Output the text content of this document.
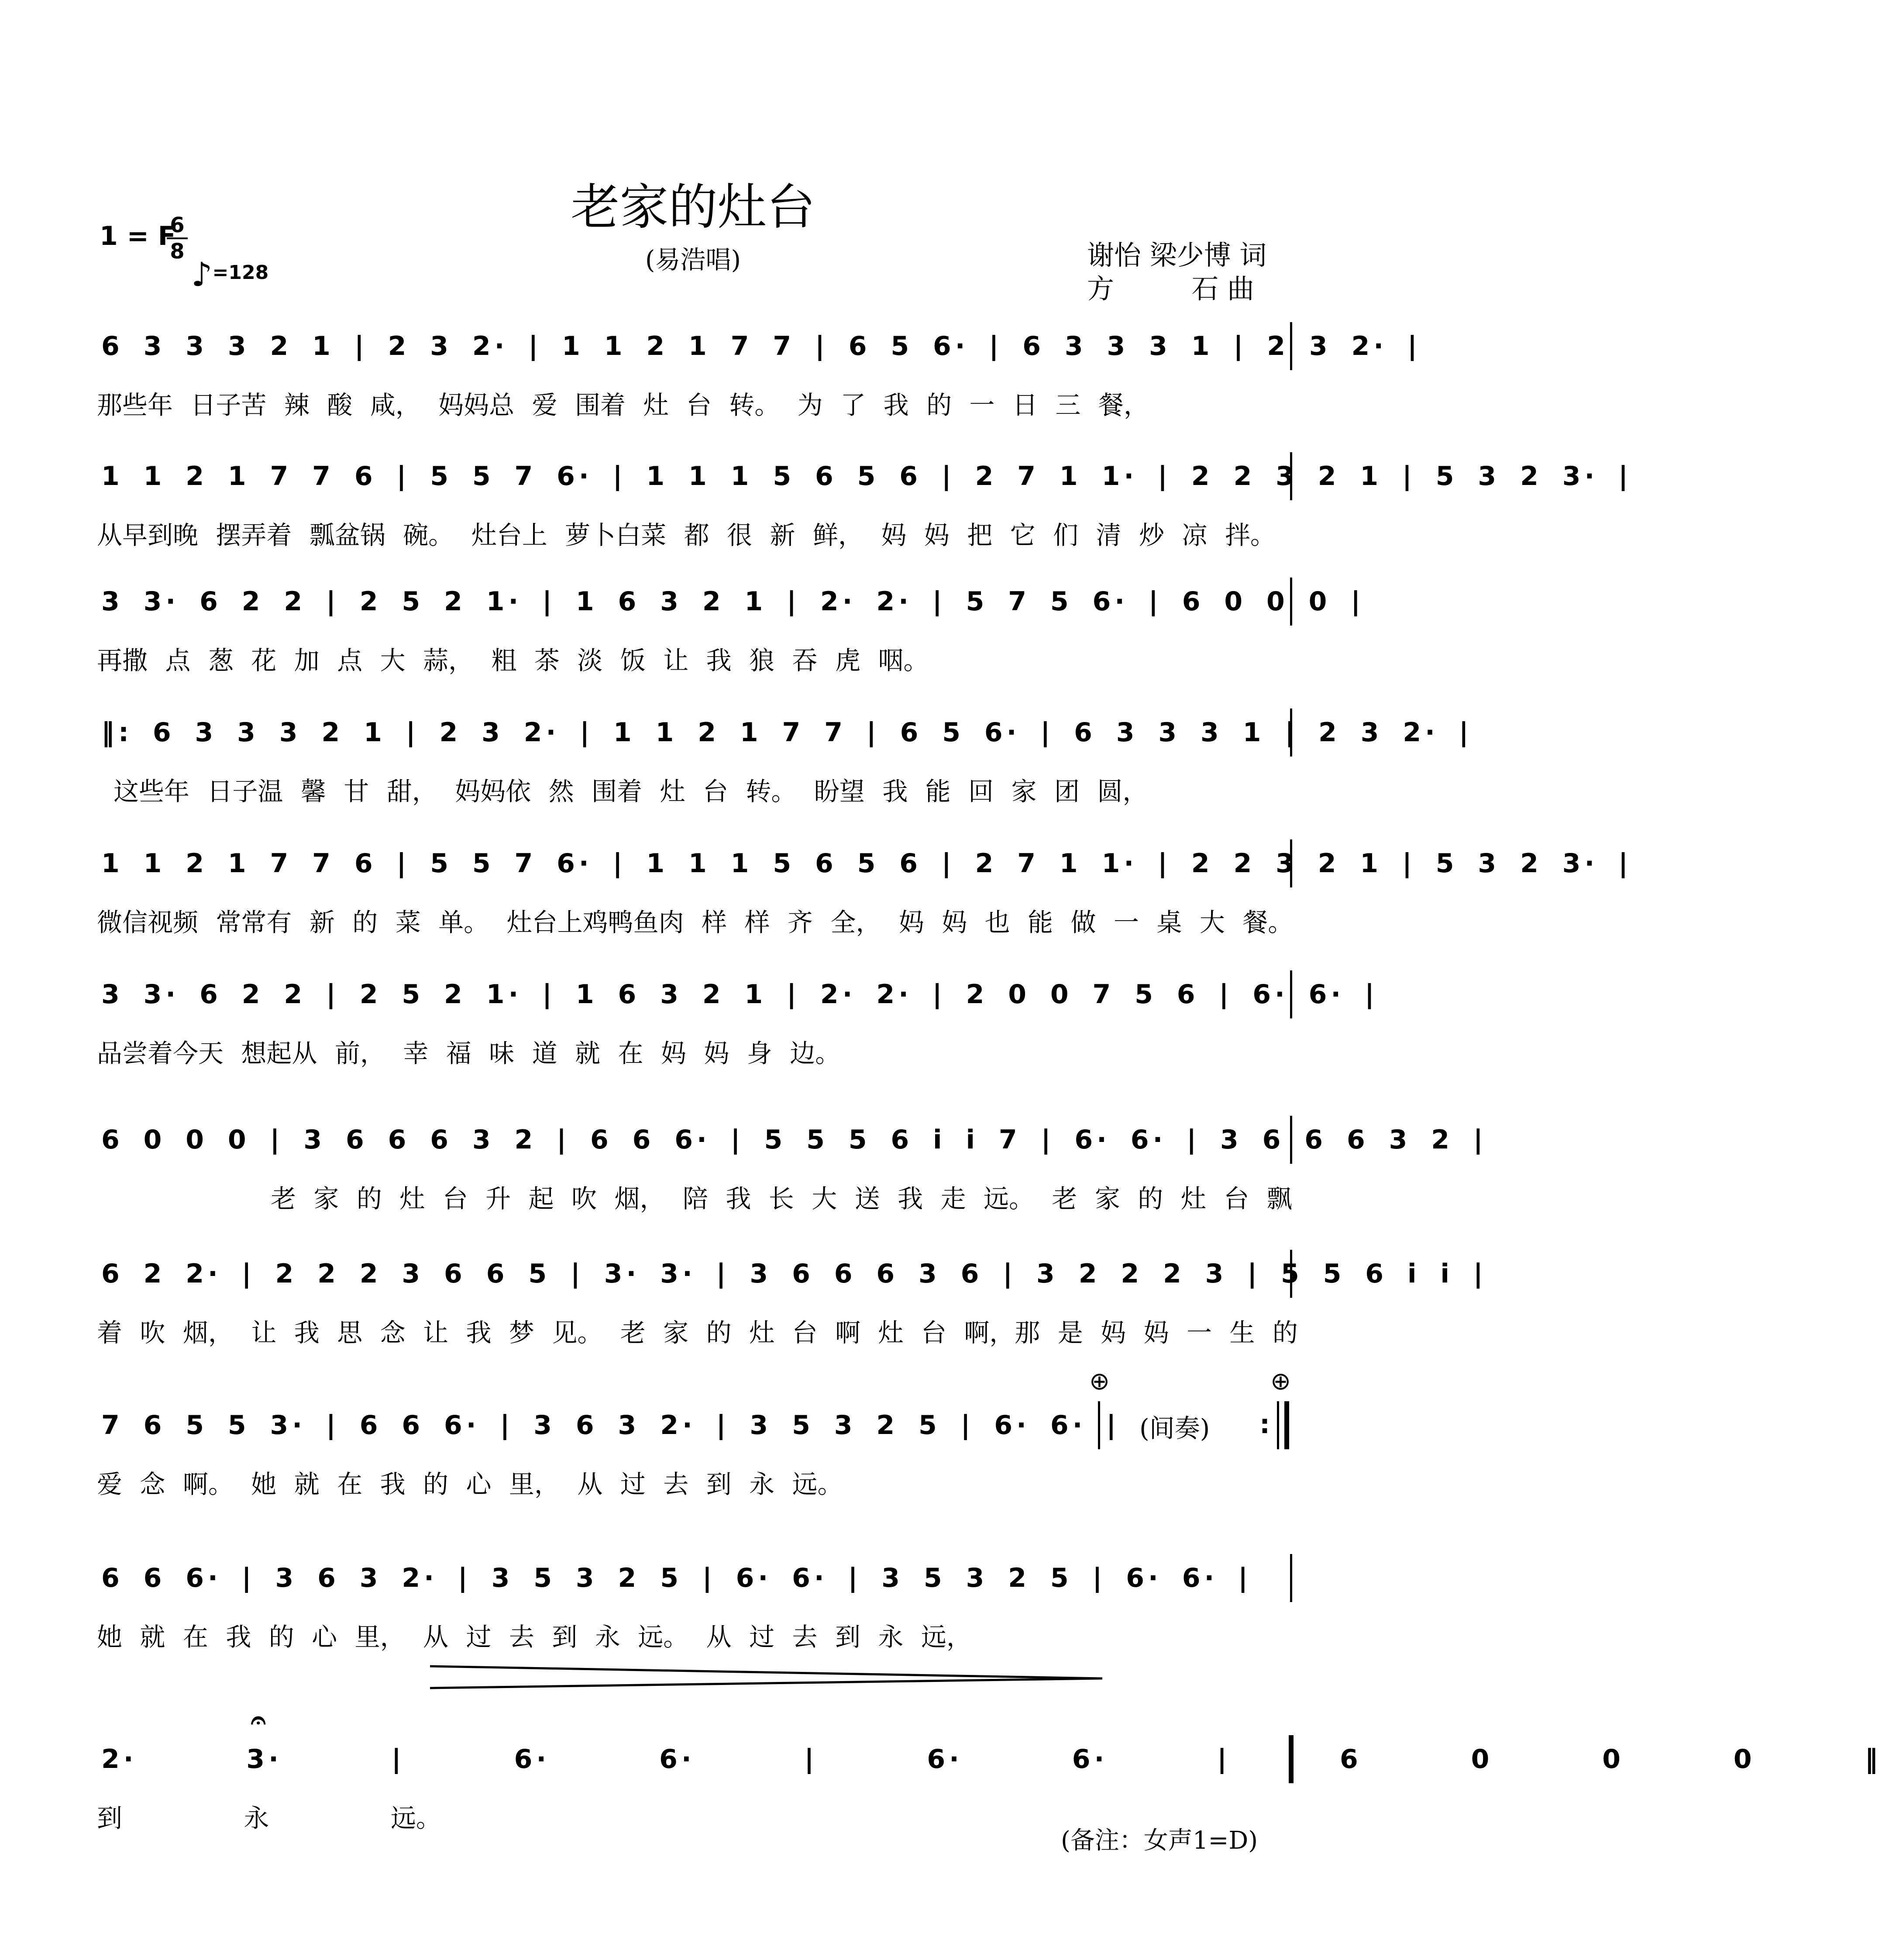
老家的灶台
(易浩唱)	谢怡 梁少博 词
方         石 曲
1 = F
6
8
♪=128
6 3 3 3 2 1 | 2 3 2· | 1 1 2 1 7 7 | 6 5 6· | 6 3 3 3 1 | 2 3 2· |
那些年 日子苦 辣 酸 咸， 妈妈总 爱 围着 灶 台 转。 为 了 我 的 一 日 三 餐，
1 1 2 1 7 7 6 | 5 5 7 6· | 1 1 1 5 6 5 6 | 2 7 1 1· | 2 2 3 2 1 | 5 3 2 3· |
从早到晚 摆弄着 瓢盆锅 碗。 灶台上 萝卜白菜 都 很 新 鲜， 妈 妈 把 它 们 清 炒 凉 拌。
3 3· 6 2 2 | 2 5 2 1· | 1 6 3 2 1 | 2· 2· | 5 7 5 6· | 6 0 0 0 |
再撒 点 葱 花 加 点 大 蒜， 粗 茶 淡 饭 让 我 狼 吞 虎 咽。
‖: 6 3 3 3 2 1 | 2 3 2· | 1 1 2 1 7 7 | 6 5 6· | 6 3 3 3 1 | 2 3 2· |
这些年 日子温 馨 甘 甜， 妈妈依 然 围着 灶 台 转。 盼望 我 能 回 家 团 圆，
1 1 2 1 7 7 6 | 5 5 7 6· | 1 1 1 5 6 5 6 | 2 7 1 1· | 2 2 3 2 1 | 5 3 2 3· |
微信视频 常常有 新 的 菜 单。 灶台上鸡鸭鱼肉 样 样 齐 全， 妈 妈 也 能 做 一 桌 大 餐。
3 3· 6 2 2 | 2 5 2 1· | 1 6 3 2 1 | 2· 2· | 2 0 0 7 5 6 | 6· 6· |
品尝着今天 想起从 前， 幸 福 味 道 就 在 妈 妈 身 边。
6 0 0 0 | 3 6 6 6 3 2 | 6 6 6· | 5 5 5 6 i i 7 | 6· 6· | 3 6 6 6 3 2 |
老 家 的 灶 台 升 起 吹 烟， 陪 我 长 大 送 我 走 远。 老 家 的 灶 台 飘
6 2 2· | 2 2 2 3 6 6 5 | 3· 3· | 3 6 6 6 3 6 | 3 2 2 2 3 | 5 5 6 i i |
着 吹 烟， 让 我 思 念 让 我 梦 见。 老 家 的 灶 台 啊 灶 台 啊，那 是 妈 妈 一 生 的
7 6 5 5 3· | 6 6 6· | 3 6 3 2· | 3 5 3 2 5 | 6· 6· |
⊕
(间奏)
⊕
:
爱 念 啊。 她 就 在 我 的 心 里， 从 过 去 到 永 远。
6 6 6· | 3 6 3 2· | 3 5 3 2 5 | 6· 6· | 3 5 3 2 5 | 6· 6· |
她 就 在 我 的 心 里， 从 过 去 到 永 远。 从 过 去 到 永 远，
2· 3· | 6· 6· | 6· 6· | 6 0 0 0 ‖
𝄐
到 永 远。
(备注：女声1=D)
